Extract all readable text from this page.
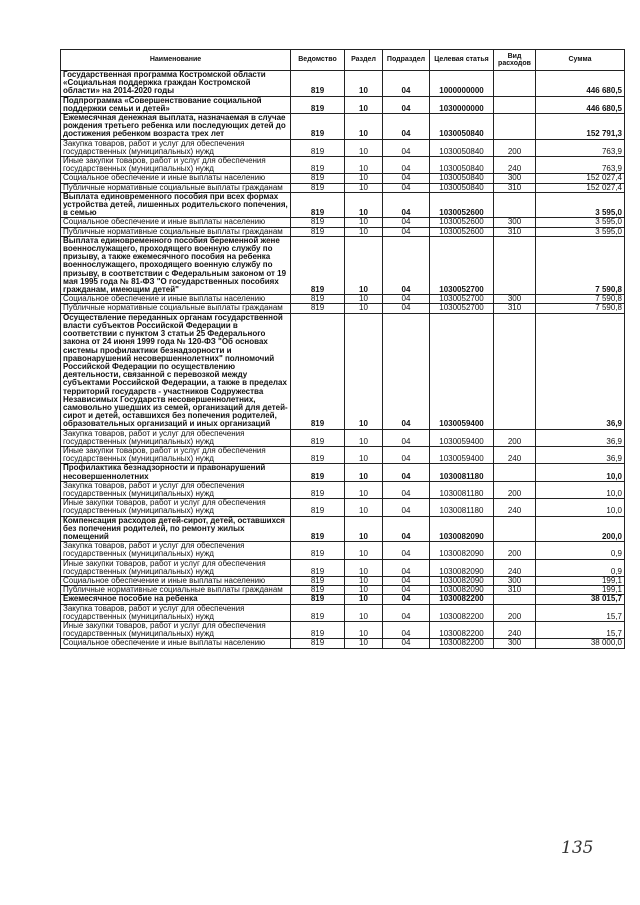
Наименование	Ведомство	Раздел	Подраздел	Целевая статья	Вид расходов	Сумма
Государственная программа Костромской области «Социальная поддержка граждан Костромской области» на 2014-2020 годы	819	10	04	1000000000		446 680,5
Подпрограмма «Совершенствование социальной поддержки семьи и детей»	819	10	04	1030000000		446 680,5
Ежемесячная денежная выплата, назначаемая в случае рождения третьего ребенка или последующих детей до достижения ребенком возраста трех лет	819	10	04	1030050840		152 791,3
Закупка товаров, работ и услуг для обеспечения государственных (муниципальных) нужд	819	10	04	1030050840	200	763,9
Иные закупки товаров, работ и услуг для обеспечения государственных (муниципальных) нужд	819	10	04	1030050840	240	763,9
Социальное обеспечение и иные выплаты населению	819	10	04	1030050840	300	152 027,4
Публичные нормативные социальные выплаты гражданам	819	10	04	1030050840	310	152 027,4
Выплата единовременного пособия при всех формах устройства детей, лишенных родительского попечения, в семью	819	10	04	1030052600		3 595,0
Социальное обеспечение и иные выплаты населению	819	10	04	1030052600	300	3 595,0
Публичные нормативные социальные выплаты гражданам	819	10	04	1030052600	310	3 595,0
Выплата единовременного пособия беременной жене военнослужащего, проходящего военную службу по призыву, а также ежемесячного пособия на ребенка военнослужащего, проходящего военную службу по призыву, в соответствии с Федеральным законом от 19 мая 1995 года № 81-ФЗ "О государственных пособиях гражданам, имеющим детей"	819	10	04	1030052700		7 590,8
Социальное обеспечение и иные выплаты населению	819	10	04	1030052700	300	7 590,8
Публичные нормативные социальные выплаты гражданам	819	10	04	1030052700	310	7 590,8
Осуществление переданных органам государственной власти субъектов Российской Федерации в соответствии с пунктом 3 статьи 25 Федерального закона от 24 июня 1999 года № 120-ФЗ "Об основах системы профилактики безнадзорности и правонарушений несовершеннолетних" полномочий Российской Федерации по осуществлению деятельности, связанной с перевозкой между субъектами Российской Федерации, а также в пределах территорий государств - участников Содружества Независимых Государств несовершеннолетних, самовольно ушедших из семей, организаций для детей- сирот и детей, оставшихся без попечения родителей, образовательных организаций и иных организаций	819	10	04	1030059400		36,9
Закупка товаров, работ и услуг для обеспечения государственных (муниципальных) нужд	819	10	04	1030059400	200	36,9
Иные закупки товаров, работ и услуг для обеспечения государственных (муниципальных) нужд	819	10	04	1030059400	240	36,9
Профилактика безнадзорности и правонарушений несовершеннолетних	819	10	04	1030081180		10,0
Закупка товаров, работ и услуг для обеспечения государственных (муниципальных) нужд	819	10	04	1030081180	200	10,0
Иные закупки товаров, работ и услуг для обеспечения государственных (муниципальных) нужд	819	10	04	1030081180	240	10,0
Компенсация расходов детей-сирот, детей, оставшихся без попечения родителей, по ремонту жилых помещений	819	10	04	1030082090		200,0
Закупка товаров, работ и услуг для обеспечения государственных (муниципальных) нужд	819	10	04	1030082090	200	0,9
Иные закупки товаров, работ и услуг для обеспечения государственных (муниципальных) нужд	819	10	04	1030082090	240	0,9
Социальное обеспечение и иные выплаты населению	819	10	04	1030082090	300	199,1
Публичные нормативные социальные выплаты гражданам	819	10	04	1030082090	310	199,1
Ежемесячное пособие на ребенка	819	10	04	1030082200		38 015,7
Закупка товаров, работ и услуг для обеспечения государственных (муниципальных) нужд	819	10	04	1030082200	200	15,7
Иные закупки товаров, работ и услуг для обеспечения государственных (муниципальных) нужд	819	10	04	1030082200	240	15,7
Социальное обеспечение и иные выплаты населению	819	10	04	1030082200	300	38 000,0
135
